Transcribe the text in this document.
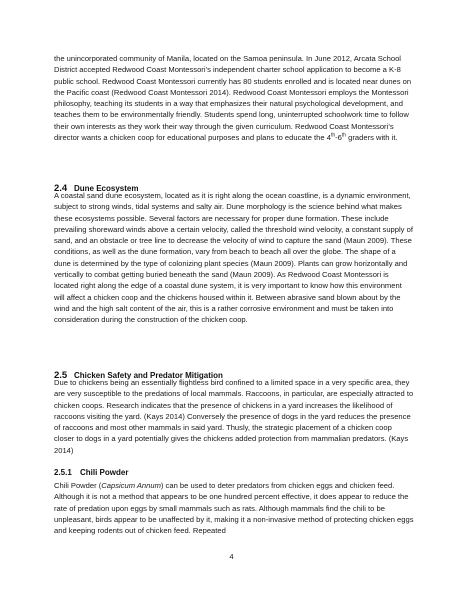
the unincorporated community of Manila, located on the Samoa peninsula. In June 2012, Arcata School District accepted Redwood Coast Montessori’s independent charter school application to become a K-8 public school. Redwood Coast Montessori currently has 80 students enrolled and is located near dunes on the Pacific coast (Redwood Coast Montessori 2014). Redwood Coast Montessori employs the Montessori philosophy, teaching its students in a way that emphasizes their natural psychological development, and teaches them to be environmentally friendly. Students spend long, uninterrupted schoolwork time to follow their own interests as they work their way through the given curriculum. Redwood Coast Montessori’s director wants a chicken coop for educational purposes and plans to educate the 4th-6th graders with it.

2.4 Dune Ecosystem

A coastal sand dune ecosystem, located as it is right along the ocean coastline, is a dynamic environment, subject to strong winds, tidal systems and salty air. Dune morphology is the science behind what makes these ecosystems possible. Several factors are necessary for proper dune formation. These include prevailing shoreward winds above a certain velocity, called the threshold wind velocity, a constant supply of sand, and an obstacle or tree line to decrease the velocity of wind to capture the sand (Maun 2009). These conditions, as well as the dune formation, vary from beach to beach all over the globe. The shape of a dune is determined by the type of colonizing plant species (Maun 2009). Plants can grow horizontally and vertically to combat getting buried beneath the sand (Maun 2009). As Redwood Coast Montessori is located right along the edge of a coastal dune system, it is very important to know how this environment will affect a chicken coop and the chickens housed within it. Between abrasive sand blown about by the wind and the high salt content of the air, this is a rather corrosive environment and must be taken into consideration during the construction of the chicken coop.

2.5 Chicken Safety and Predator Mitigation

Due to chickens being an essentially flightless bird confined to a limited space in a very specific area, they are very susceptible to the predations of local mammals. Raccoons, in particular, are especially attracted to chicken coops. Research indicates that the presence of chickens in a yard increases the likelihood of raccoons visiting the yard. (Kays 2014) Conversely the presence of dogs in the yard reduces the presence of raccoons and most other mammals in said yard. Thusly, the strategic placement of a chicken coop closer to dogs in a yard potentially gives the chickens added protection from mammalian predators. (Kays 2014)

2.5.1 Chili Powder

Chili Powder (Capsicum Annum) can be used to deter predators from chicken eggs and chicken feed. Although it is not a method that appears to be one hundred percent effective, it does appear to reduce the rate of predation upon eggs by small mammals such as rats. Although mammals find the chili to be unpleasant, birds appear to be unaffected by it, making it a non-invasive method of protecting chicken eggs and keeping rodents out of chicken feed. Repeated

4
